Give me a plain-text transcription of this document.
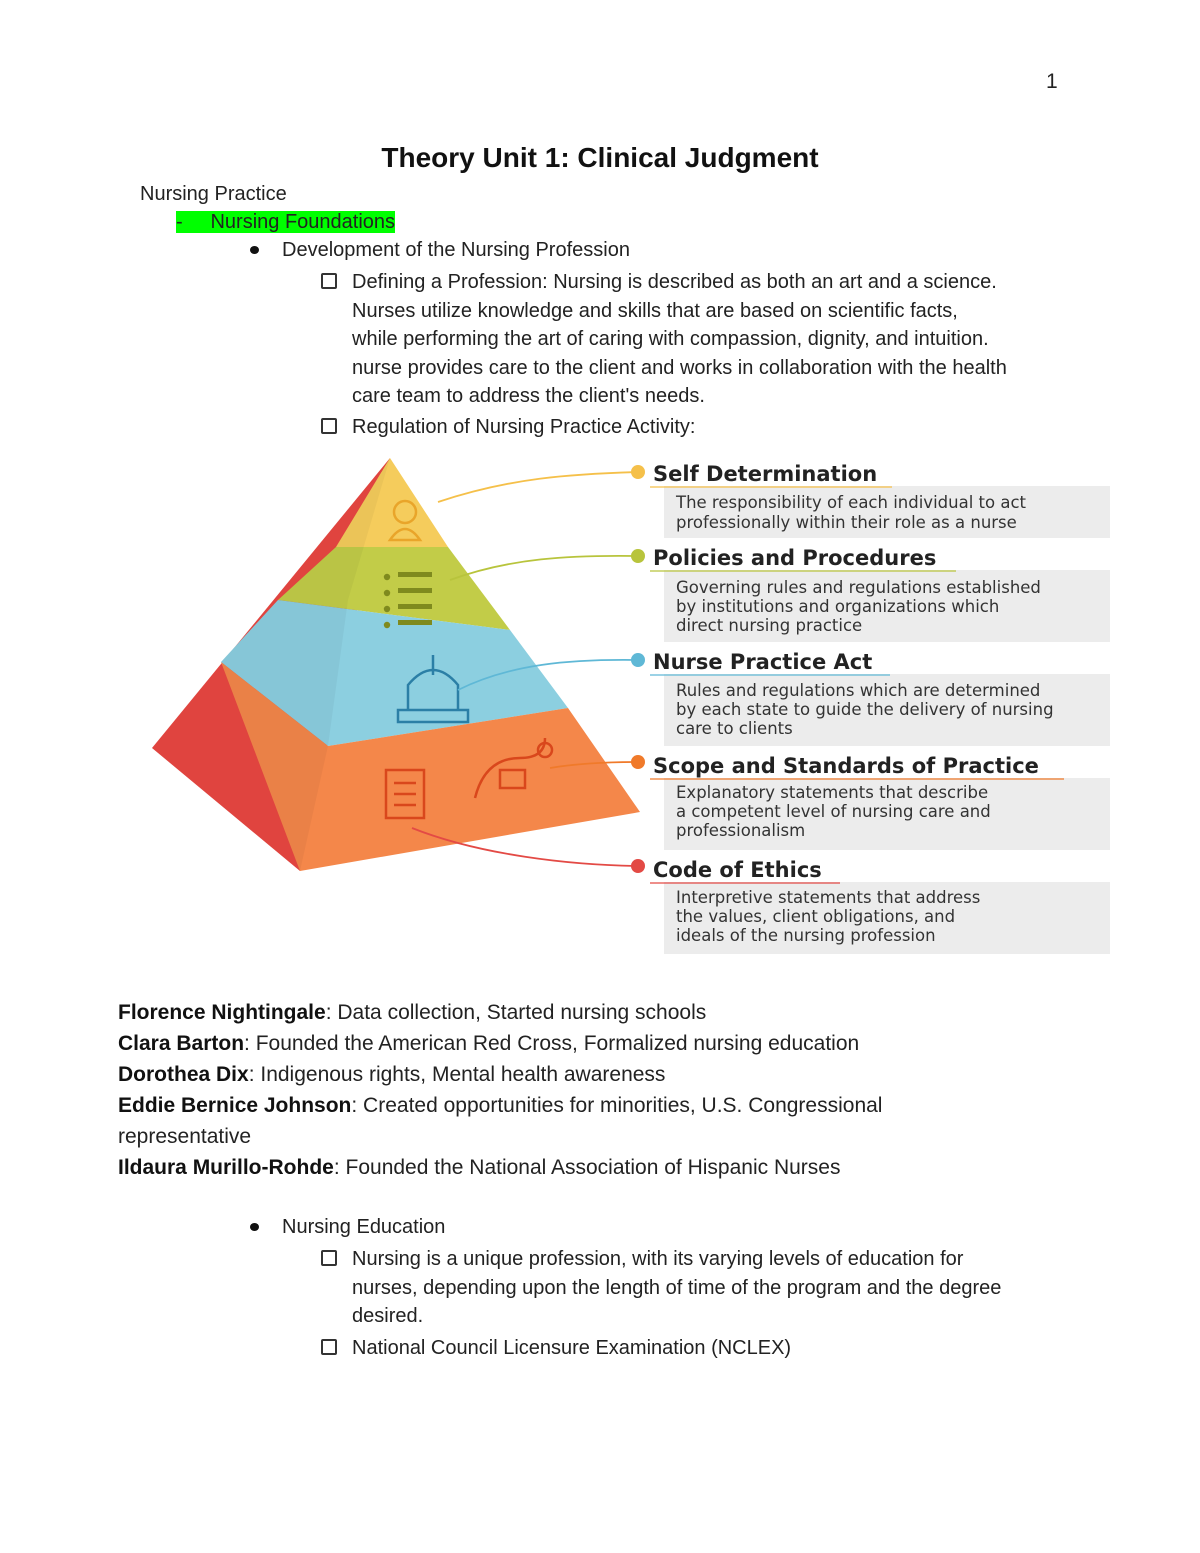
1
Theory Unit 1: Clinical Judgment
Nursing Practice
- Nursing Foundations
Development of the Nursing Profession
Defining a Profession: Nursing is described as both an art and a science.
Nurses utilize knowledge and skills that are based on scientific facts,
while performing the art of caring with compassion, dignity, and intuition.
nurse provides care to the client and works in collaboration with the health
care team to address the client's needs.
Regulation of Nursing Practice Activity:
Self Determination
Policies and Procedures
Nurse Practice Act
Scope and Standards of Practice
Code of Ethics
The responsibility of each individual to act
professionally within their role as a nurse
Governing rules and regulations established
by institutions and organizations which
direct nursing practice
Rules and regulations which are determined
by each state to guide the delivery of nursing
care to clients
Explanatory statements that describe
a competent level of nursing care and
professionalism
Interpretive statements that address
the values, client obligations, and
ideals of the nursing profession
Florence Nightingale: Data collection, Started nursing schools
Clara Barton: Founded the American Red Cross, Formalized nursing education
Dorothea Dix: Indigenous rights, Mental health awareness
Eddie Bernice Johnson: Created opportunities for minorities, U.S. Congressional
representative
Ildaura Murillo-Rohde: Founded the National Association of Hispanic Nurses
Nursing Education
Nursing is a unique profession, with its varying levels of education for
nurses, depending upon the length of time of the program and the degree
desired.
National Council Licensure Examination (NCLEX)
